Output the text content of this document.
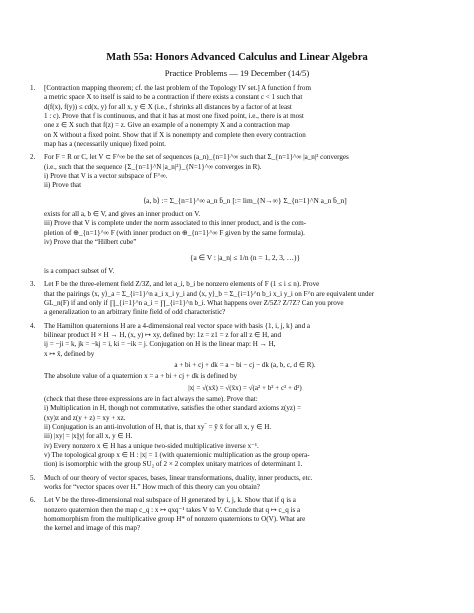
Math 55a: Honors Advanced Calculus and Linear Algebra
Practice Problems — 19 December (14/5)
1. [Contraction mapping theorem; cf. the last problem of the Topology IV set.] A function f from
a metric space X to itself is said to be a contraction if there exists a constant c < 1 such that
d(f(x), f(y)) ≤ cd(x, y) for all x, y ∈ X (i.e., f shrinks all distances by a factor of at least
1 : c). Prove that f is continuous, and that it has at most one fixed point, i.e., there is at most
one z ∈ X such that f(z) = z. Give an example of a nonempty X and a contraction map
on X without a fixed point. Show that if X is nonempty and complete then every contraction
map has a (necessarily unique) fixed point.
2. For F = R or C, let V ⊂ F^∞ be the set of sequences (a_n)_{n=1}^∞ such that Σ_{n=1}^∞ |a_n|² converges
(i.e., such that the sequence {Σ_{n=1}^N |a_n|²}_{N=1}^∞ converges in R).
i) Prove that V is a vector subspace of F^∞.
ii) Prove that
⟨a, b⟩ := Σ_{n=1}^∞ a_n b̄_n [:= lim_{N→∞} Σ_{n=1}^N a_n b̄_n]
exists for all a, b ∈ V, and gives an inner product on V.
iii) Prove that V is complete under the norm associated to this inner product, and is the com-
pletion of ⊕_{n=1}^∞ F (with inner product on ⊕_{n=1}^∞ F given by the same formula).
iv) Prove that the “Hilbert cube”
{a ∈ V : |a_n| ≤ 1/n (n = 1, 2, 3, …)}
is a compact subset of V.
3. Let F be the three-element field Z/3Z, and let a_i, b_i be nonzero elements of F (1 ≤ i ≤ n). Prove
that the pairings ⟨x, y⟩_a = Σ_{i=1}^n a_i x_i y_i and ⟨x, y⟩_b = Σ_{i=1}^n b_i x_i y_i on F^n are equivalent under
GL_n(F) if and only if ∏_{i=1}^n a_i = ∏_{i=1}^n b_i. What happens over Z/5Z? Z/7Z? Can you prove
a generalization to an arbitrary finite field of odd characteristic?
4. The Hamilton quaternions H are a 4-dimensional real vector space with basis {1, i, j, k} and a
bilinear product H × H → H, (x, y) ↦ xy, defined by: 1z = z1 = z for all z ∈ H, and
ij = −ji = k, jk = −kj = i, ki = −ik = j. Conjugation on H is the linear map: H → H,
x ↦ x̄, defined by
a + bi + cj + dk = a − bi − cj − dk (a, b, c, d ∈ R).
The absolute value of a quaternion x = a + bi + cj + dk is defined by
|x| = √(xx̄) = √(x̄x) = √(a² + b² + c² + d²)
(check that these three expressions are in fact always the same). Prove that:
i) Multiplication in H, though not commutative, satisfies the other standard axioms z(yz) =
(xy)z and z(y + z) = xy + xz.
ii) Conjugation is an anti-involution of H, that is, that xy‾ = ȳ x̄ for all x, y ∈ H.
iii) |xy| = |x||y| for all x, y ∈ H.
iv) Every nonzero x ∈ H has a unique two-sided multiplicative inverse x⁻¹.
v) The topological group x ∈ H : |x| = 1 (with quaternionic multiplication as the group opera-
tion) is isomorphic with the group SU₂ of 2 × 2 complex unitary matrices of determinant 1.
5. Much of our theory of vector spaces, bases, linear transformations, duality, inner products, etc.
works for “vector spaces over H.” How much of this theory can you obtain?
6. Let V be the three-dimensional real subspace of H generated by i, j, k. Show that if q is a
nonzero quaternion then the map c_q : x ↦ qxq⁻¹ takes V to V. Conclude that q ↦ c_q is a
homomorphism from the multiplicative group H* of nonzero quaternions to O(V). What are
the kernel and image of this map?
